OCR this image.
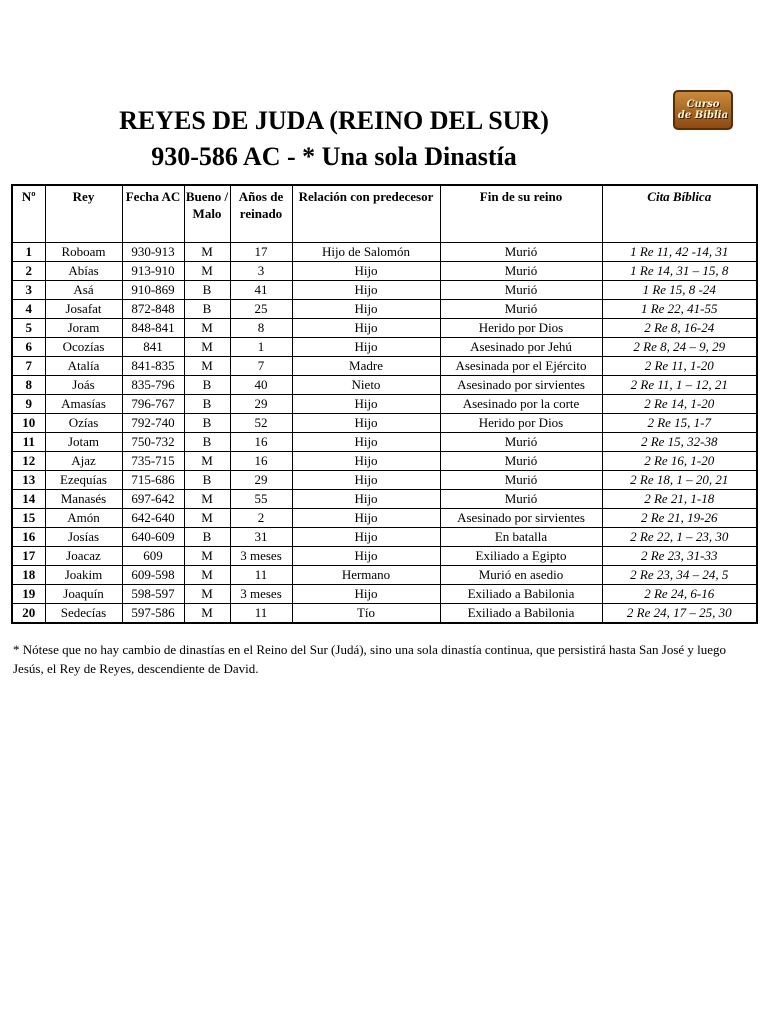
REYES DE JUDA (REINO DEL SUR)
930-586 AC - * Una sola Dinastía
Curso
de Biblia
Nº	Rey	Fecha AC	Bueno / Malo	Años de reinado	Relación con predecesor	Fin de su reino	Cita Bíblica
1	Roboam	930-913	M	17	Hijo de Salomón	Murió	1 Re 11, 42 -14, 31
2	Abías	913-910	M	3	Hijo	Murió	1 Re 14, 31 – 15, 8
3	Asá	910-869	B	41	Hijo	Murió	1 Re 15, 8 -24
4	Josafat	872-848	B	25	Hijo	Murió	1 Re 22, 41-55
5	Joram	848-841	M	8	Hijo	Herido por Dios	2 Re 8, 16-24
6	Ocozías	841	M	1	Hijo	Asesinado por Jehú	2 Re 8, 24 – 9, 29
7	Atalía	841-835	M	7	Madre	Asesinada por el Ejército	2 Re 11, 1-20
8	Joás	835-796	B	40	Nieto	Asesinado por sirvientes	2 Re 11, 1 – 12, 21
9	Amasías	796-767	B	29	Hijo	Asesinado por la corte	2 Re 14, 1-20
10	Ozías	792-740	B	52	Hijo	Herido por Dios	2 Re 15, 1-7
11	Jotam	750-732	B	16	Hijo	Murió	2 Re 15, 32-38
12	Ajaz	735-715	M	16	Hijo	Murió	2 Re 16, 1-20
13	Ezequías	715-686	B	29	Hijo	Murió	2 Re 18, 1 – 20, 21
14	Manasés	697-642	M	55	Hijo	Murió	2 Re 21, 1-18
15	Amón	642-640	M	2	Hijo	Asesinado por sirvientes	2 Re 21, 19-26
16	Josías	640-609	B	31	Hijo	En batalla	2 Re 22, 1 – 23, 30
17	Joacaz	609	M	3 meses	Hijo	Exiliado a Egipto	2 Re 23, 31-33
18	Joakim	609-598	M	11	Hermano	Murió en asedio	2 Re 23, 34 – 24, 5
19	Joaquín	598-597	M	3 meses	Hijo	Exiliado a Babilonia	2 Re 24, 6-16
20	Sedecías	597-586	M	11	Tío	Exiliado a Babilonia	2 Re 24, 17 – 25, 30
* Nótese que no hay cambio de dinastías en el Reino del Sur (Judá), sino una sola dinastía continua, que persistirá hasta San José y luego Jesús, el Rey de Reyes, descendiente de David.
